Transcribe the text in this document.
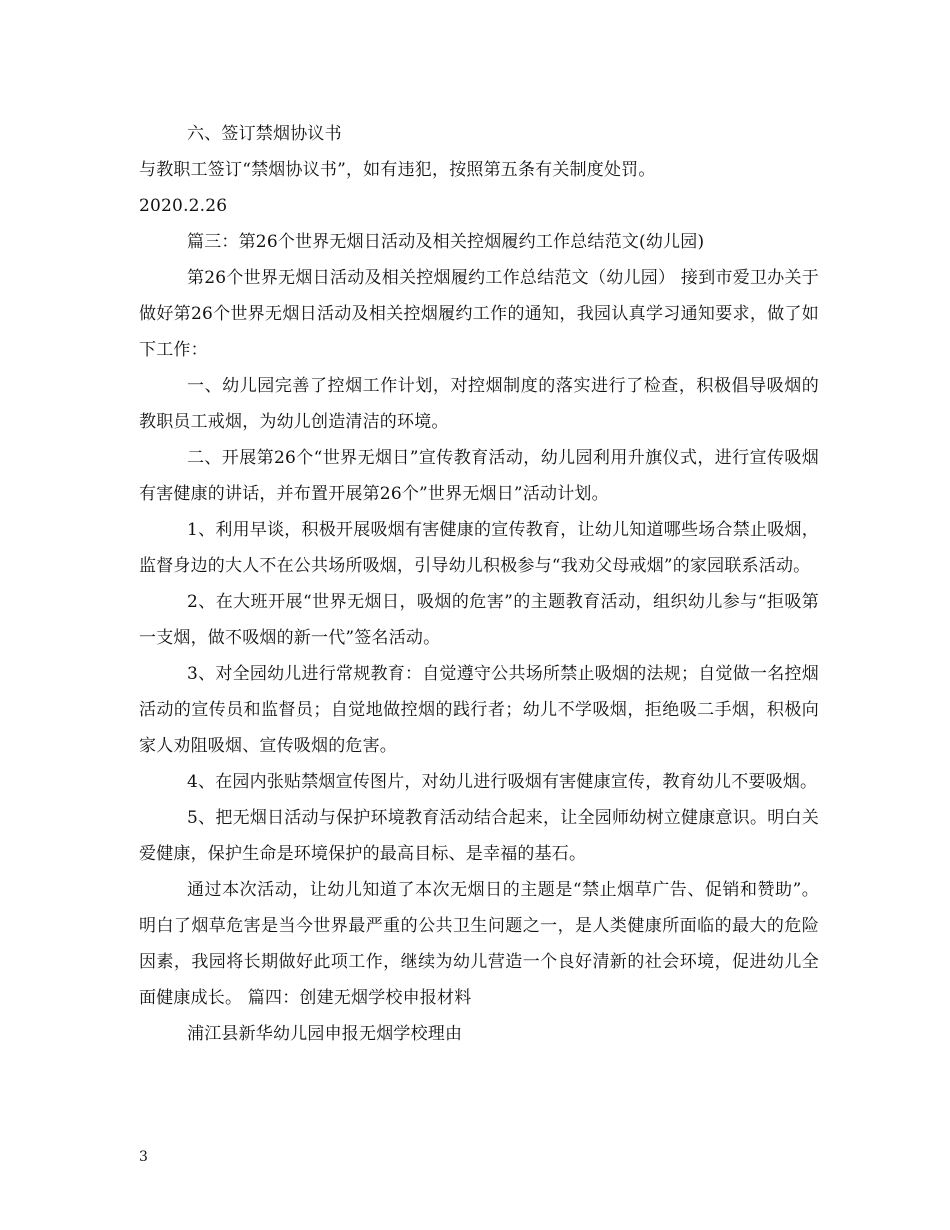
六、签订禁烟协议书

与教职工签订“禁烟协议书”，如有违犯，按照第五条有关制度处罚。

2020.2.26

篇三：第26个世界无烟日活动及相关控烟履约工作总结范文(幼儿园)

第26个世界无烟日活动及相关控烟履约工作总结范文（幼儿园） 接到市爱卫办关于做好第26个世界无烟日活动及相关控烟履约工作的通知，我园认真学习通知要求，做了如下工作：

一、幼儿园完善了控烟工作计划，对控烟制度的落实进行了检查，积极倡导吸烟的教职员工戒烟，为幼儿创造清洁的环境。

二、开展第26个“世界无烟日”宣传教育活动，幼儿园利用升旗仪式，进行宣传吸烟有害健康的讲话，并布置开展第26个”世界无烟日”活动计划。

1、利用早谈，积极开展吸烟有害健康的宣传教育，让幼儿知道哪些场合禁止吸烟，监督身边的大人不在公共场所吸烟，引导幼儿积极参与“我劝父母戒烟”的家园联系活动。

2、在大班开展“世界无烟日，吸烟的危害”的主题教育活动，组织幼儿参与“拒吸第一支烟，做不吸烟的新一代”签名活动。

3、对全园幼儿进行常规教育：自觉遵守公共场所禁止吸烟的法规；自觉做一名控烟活动的宣传员和监督员；自觉地做控烟的践行者；幼儿不学吸烟，拒绝吸二手烟，积极向家人劝阻吸烟、宣传吸烟的危害。

4、在园内张贴禁烟宣传图片，对幼儿进行吸烟有害健康宣传，教育幼儿不要吸烟。

5、把无烟日活动与保护环境教育活动结合起来，让全园师幼树立健康意识。明白关爱健康，保护生命是环境保护的最高目标、是幸福的基石。

通过本次活动，让幼儿知道了本次无烟日的主题是“禁止烟草广告、促销和赞助”。明白了烟草危害是当今世界最严重的公共卫生问题之一，是人类健康所面临的最大的危险因素，我园将长期做好此项工作，继续为幼儿营造一个良好清新的社会环境，促进幼儿全面健康成长。 篇四：创建无烟学校申报材料

浦江县新华幼儿园申报无烟学校理由

3
